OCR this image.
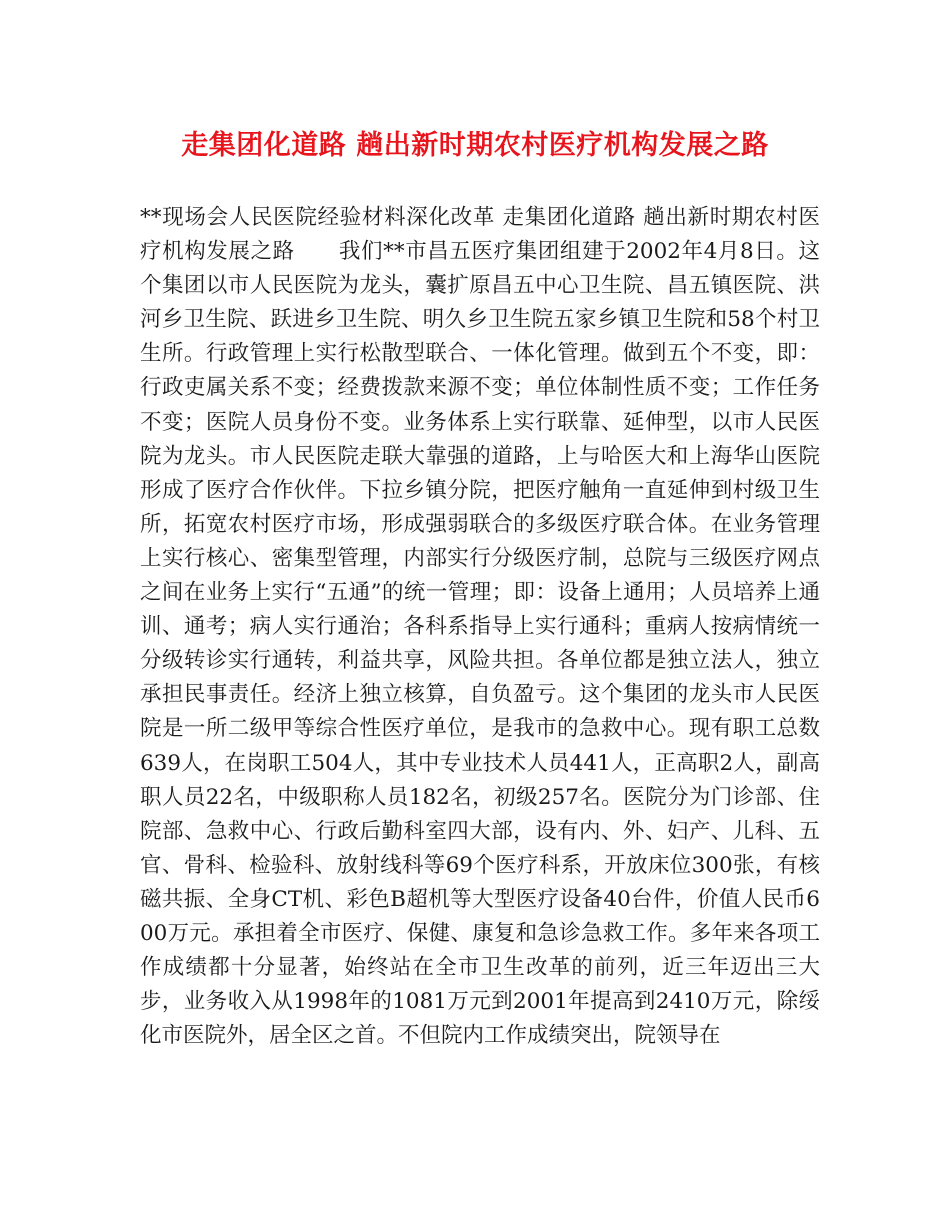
走集团化道路 趟出新时期农村医疗机构发展之路

**现场会人民医院经验材料深化改革 走集团化道路 趟出新时期农村医疗机构发展之路　　我们**市昌五医疗集团组建于2002年4月8日。这个集团以市人民医院为龙头，囊扩原昌五中心卫生院、昌五镇医院、洪河乡卫生院、跃进乡卫生院、明久乡卫生院五家乡镇卫生院和58个村卫生所。行政管理上实行松散型联合、一体化管理。做到五个不变，即：行政吏属关系不变；经费拨款来源不变；单位体制性质不变；工作任务不变；医院人员身份不变。业务体系上实行联靠、延伸型，以市人民医院为龙头。市人民医院走联大靠强的道路，上与哈医大和上海华山医院形成了医疗合作伙伴。下拉乡镇分院，把医疗触角一直延伸到村级卫生所，拓宽农村医疗市场，形成强弱联合的多级医疗联合体。在业务管理上实行核心、密集型管理，内部实行分级医疗制，总院与三级医疗网点之间在业务上实行“五通”的统一管理；即：设备上通用；人员培养上通训、通考；病人实行通治；各科系指导上实行通科；重病人按病情统一分级转诊实行通转，利益共享，风险共担。各单位都是独立法人，独立承担民事责任。经济上独立核算，自负盈亏。这个集团的龙头市人民医院是一所二级甲等综合性医疗单位，是我市的急救中心。现有职工总数639人，在岗职工504人，其中专业技术人员441人，正高职2人，副高职人员22名，中级职称人员182名，初级257名。医院分为门诊部、住院部、急救中心、行政后勤科室四大部，设有内、外、妇产、儿科、五官、骨科、检验科、放射线科等69个医疗科系，开放床位300张，有核磁共振、全身CT机、彩色B超机等大型医疗设备40台件，价值人民币600万元。承担着全市医疗、保健、康复和急诊急救工作。多年来各项工作成绩都十分显著，始终站在全市卫生改革的前列，近三年迈出三大步，业务收入从1998年的1081万元到2001年提高到2410万元，除绥化市医院外，居全区之首。不但院内工作成绩突出，院领导在
